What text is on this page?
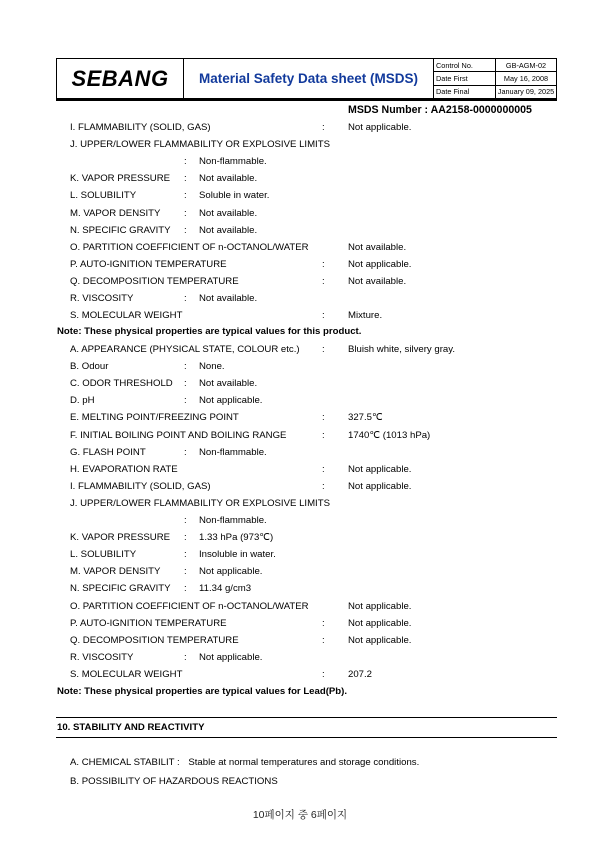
SEBANG	Material Safety Data sheet (MSDS)
Control No.	GB-AGM-02
Date First	May 16, 2008
Date Final	January 09, 2025
MSDS Number : AA2158-0000000005
I. FLAMMABILITY (SOLID, GAS)	: Not applicable.
J. UPPER/LOWER FLAMMABILITY OR EXPLOSIVE LIMITS
: Non-flammable.
K. VAPOR PRESSURE : Not available.
L. SOLUBILITY	: Soluble in water.
M. VAPOR DENSITY : Not available.
N. SPECIFIC GRAVITY : Not available.
O. PARTITION COEFFICIENT OF n-OCTANOL/WATER	Not available.
P. AUTO-IGNITION TEMPERATURE	: Not applicable.
Q. DECOMPOSITION TEMPERATURE	: Not available.
R. VISCOSITY	: Not available.
S. MOLECULAR WEIGHT	: Mixture.
Note: These physical properties are typical values for this product.
A. APPEARANCE (PHYSICAL STATE, COLOUR etc.) : Bluish white, silvery gray.
B. Odour	: None.
C. ODOR THRESHOLD : Not available.
D. pH	: Not applicable.
E. MELTING POINT/FREEZING POINT	: 327.5℃
F. INITIAL BOILING POINT AND BOILING RANGE	: 1740℃ (1013 hPa)
G. FLASH POINT	: Non-flammable.
H. EVAPORATION RATE	: Not applicable.
I. FLAMMABILITY (SOLID, GAS)	: Not applicable.
J. UPPER/LOWER FLAMMABILITY OR EXPLOSIVE LIMITS
: Non-flammable.
K. VAPOR PRESSURE : 1.33 hPa (973℃)
L. SOLUBILITY	: Insoluble in water.
M. VAPOR DENSITY : Not applicable.
N. SPECIFIC GRAVITY : 11.34 g/cm3
O. PARTITION COEFFICIENT OF n-OCTANOL/WATER	Not applicable.
P. AUTO-IGNITION TEMPERATURE	: Not applicable.
Q. DECOMPOSITION TEMPERATURE	: Not applicable.
R. VISCOSITY	: Not applicable.
S. MOLECULAR WEIGHT	: 207.2
Note: These physical properties are typical values for Lead(Pb).
10. STABILITY AND REACTIVITY
A. CHEMICAL STABILIT : Stable at normal temperatures and storage conditions.
B. POSSIBILITY OF HAZARDOUS REACTIONS
10페이지 중 6페이지
